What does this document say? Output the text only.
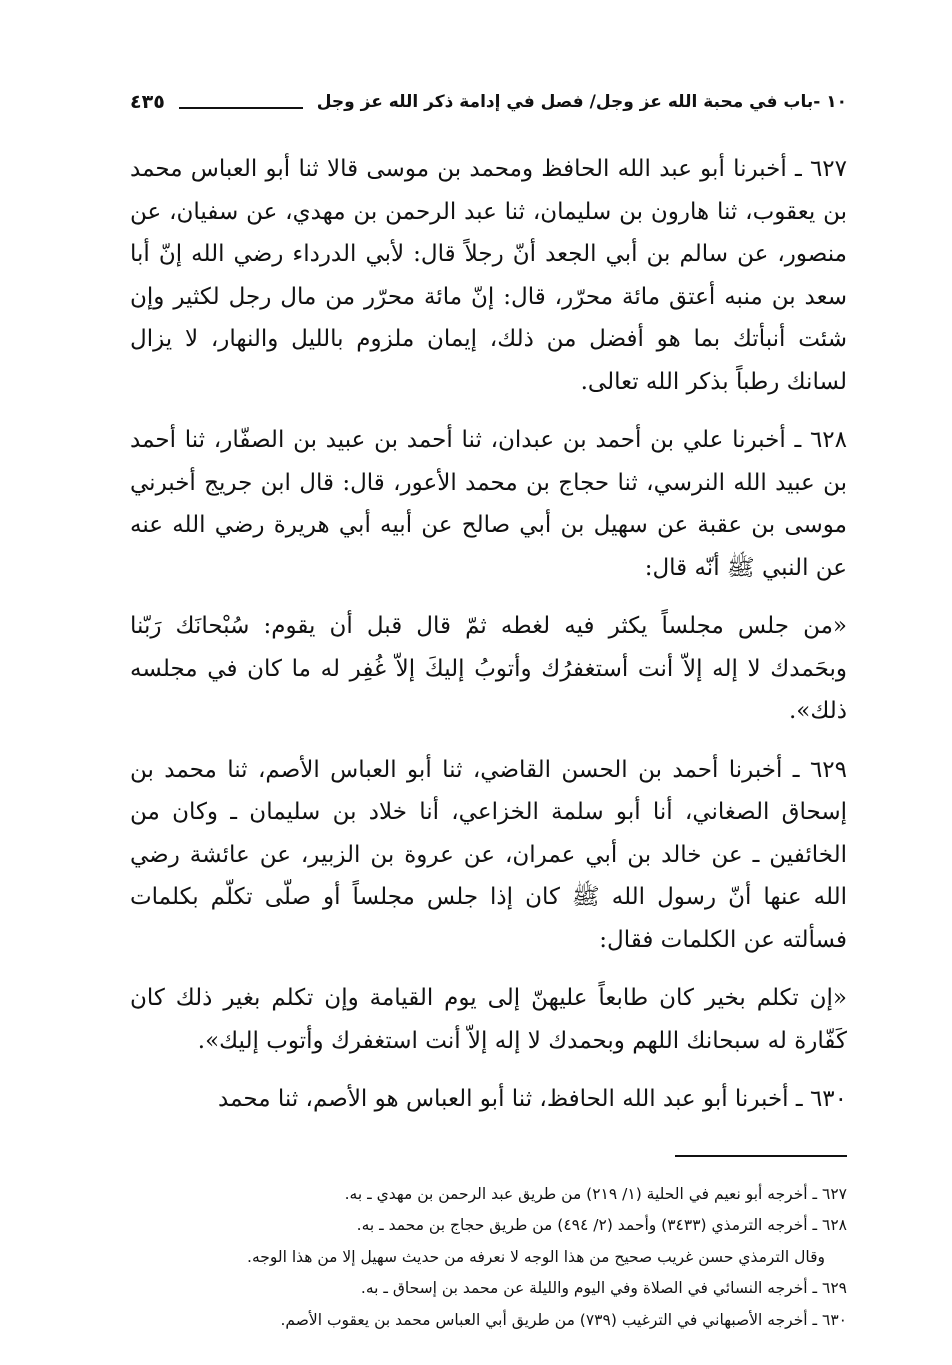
١٠ -باب في محبة الله عز وجل/ فصل في إدامة ذكر الله عز وجل
٤٣٥

٦٢٧ ـ أخبرنا أبو عبد الله الحافظ ومحمد بن موسى قالا ثنا أبو العباس محمد بن يعقوب، ثنا هارون بن سليمان، ثنا عبد الرحمن بن مهدي، عن سفيان، عن منصور، عن سالم بن أبي الجعد أنّ رجلاً قال: لأبي الدرداء رضي الله إنّ أبا سعد بن منبه أعتق مائة محرّر، قال: إنّ مائة محرّر من مال رجل لكثير وإن شئت أنبأتك بما هو أفضل من ذلك، إيمان ملزوم بالليل والنهار، لا يزال لسانك رطباً بذكر الله تعالى.

٦٢٨ ـ أخبرنا علي بن أحمد بن عبدان، ثنا أحمد بن عبيد بن الصفّار، ثنا أحمد بن عبيد الله النرسي، ثنا حجاج بن محمد الأعور، قال: قال ابن جريج أخبرني موسى بن عقبة عن سهيل بن أبي صالح عن أبيه أبي هريرة رضي الله عنه عن النبي ﷺ أنّه قال:

«من جلس مجلساً يكثر فيه لغطه ثمّ قال قبل أن يقوم: سُبْحانَك رَبّنا وبحَمدك لا إله إلاّ أنت أستغفرُك وأتوبُ إليكَ إلاّ غُفِر له ما كان في مجلسه ذلك».

٦٢٩ ـ أخبرنا أحمد بن الحسن القاضي، ثنا أبو العباس الأصم، ثنا محمد بن إسحاق الصغاني، أنا أبو سلمة الخزاعي، أنا خلاد بن سليمان ـ وكان من الخائفين ـ عن خالد بن أبي عمران، عن عروة بن الزبير، عن عائشة رضي الله عنها أنّ رسول الله ﷺ كان إذا جلس مجلساً أو صلّى تكلّم بكلمات فسألته عن الكلمات فقال:

«إن تكلم بخير كان طابعاً عليهنّ إلى يوم القيامة وإن تكلم بغير ذلك كان كَفّارة له سبحانك اللهم وبحمدك لا إله إلاّ أنت استغفرك وأتوب إليك».

٦٣٠ ـ أخبرنا أبو عبد الله الحافظ، ثنا أبو العباس هو الأصم، ثنا محمد

٦٢٧ ـ أخرجه أبو نعيم في الحلية (١/ ٢١٩) من طريق عبد الرحمن بن مهدي ـ به.

٦٢٨ ـ أخرجه الترمذي (٣٤٣٣) وأحمد (٢/ ٤٩٤) من طريق حجاج بن محمد ـ به.

وقال الترمذي حسن غريب صحيح من هذا الوجه لا نعرفه من حديث سهيل إلا من هذا الوجه.

٦٢٩ ـ أخرجه النسائي في الصلاة وفي اليوم والليلة عن محمد بن إسحاق ـ به.

٦٣٠ ـ أخرجه الأصبهاني في الترغيب (٧٣٩) من طريق أبي العباس محمد بن يعقوب الأصم.
